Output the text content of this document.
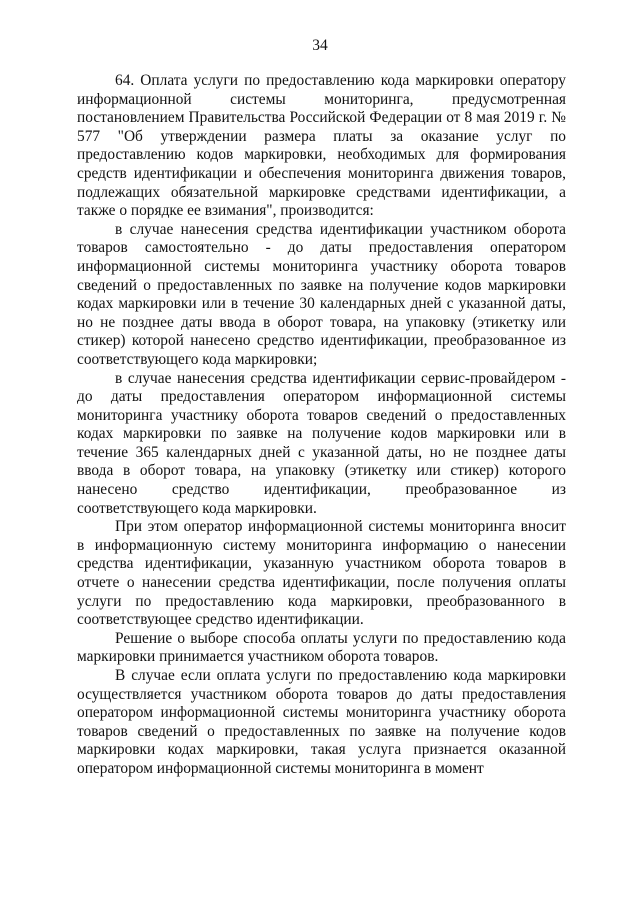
34

64. Оплата услуги по предоставлению кода маркировки оператору информационной системы мониторинга, предусмотренная постановлением Правительства Российской Федерации от 8 мая 2019 г. № 577 "Об утверждении размера платы за оказание услуг по предоставлению кодов маркировки, необходимых для формирования средств идентификации и обеспечения мониторинга движения товаров, подлежащих обязательной маркировке средствами идентификации, а также о порядке ее взимания", производится:

в случае нанесения средства идентификации участником оборота товаров самостоятельно - до даты предоставления оператором информационной системы мониторинга участнику оборота товаров сведений о предоставленных по заявке на получение кодов маркировки кодах маркировки или в течение 30 календарных дней с указанной даты, но не позднее даты ввода в оборот товара, на упаковку (этикетку или стикер) которой нанесено средство идентификации, преобразованное из соответствующего кода маркировки;

в случае нанесения средства идентификации сервис-провайдером - до даты предоставления оператором информационной системы мониторинга участнику оборота товаров сведений о предоставленных кодах маркировки по заявке на получение кодов маркировки или в течение 365 календарных дней с указанной даты, но не позднее даты ввода в оборот товара, на упаковку (этикетку или стикер) которого нанесено средство идентификации, преобразованное из соответствующего кода маркировки.

При этом оператор информационной системы мониторинга вносит в информационную систему мониторинга информацию о нанесении средства идентификации, указанную участником оборота товаров в отчете о нанесении средства идентификации, после получения оплаты услуги по предоставлению кода маркировки, преобразованного в соответствующее средство идентификации.

Решение о выборе способа оплаты услуги по предоставлению кода маркировки принимается участником оборота товаров.

В случае если оплата услуги по предоставлению кода маркировки осуществляется участником оборота товаров до даты предоставления оператором информационной системы мониторинга участнику оборота товаров сведений о предоставленных по заявке на получение кодов маркировки кодах маркировки, такая услуга признается оказанной оператором информационной системы мониторинга в момент
